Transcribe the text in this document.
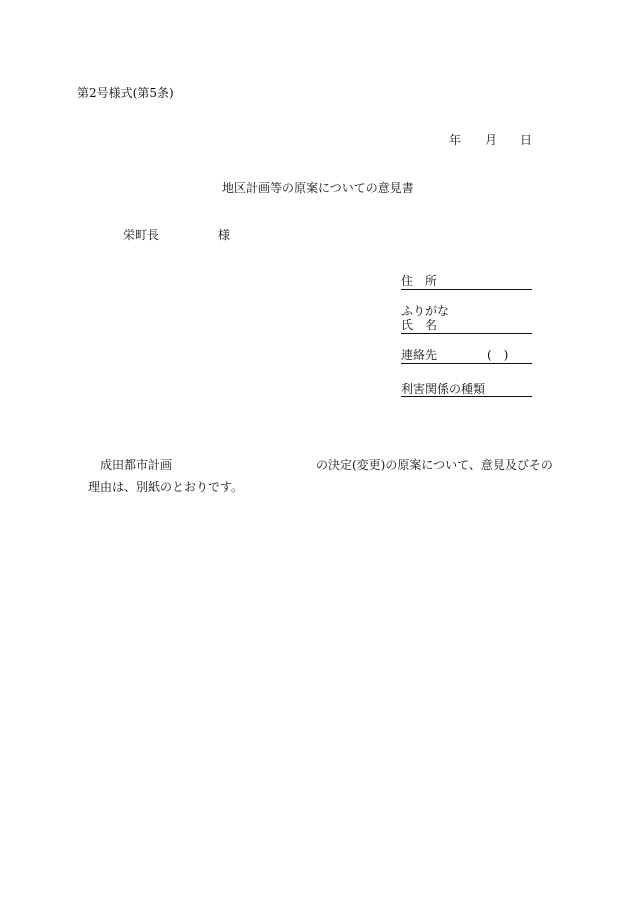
第2号様式(第5条)
年 月 日
地区計画等の原案についての意見書
栄町長	様
住　所
ふりがな
氏　名
連絡先	(　)
利害関係の種類
成田都市計画	の決定(変更)の原案について、意見及びその
理由は、別紙のとおりです。
